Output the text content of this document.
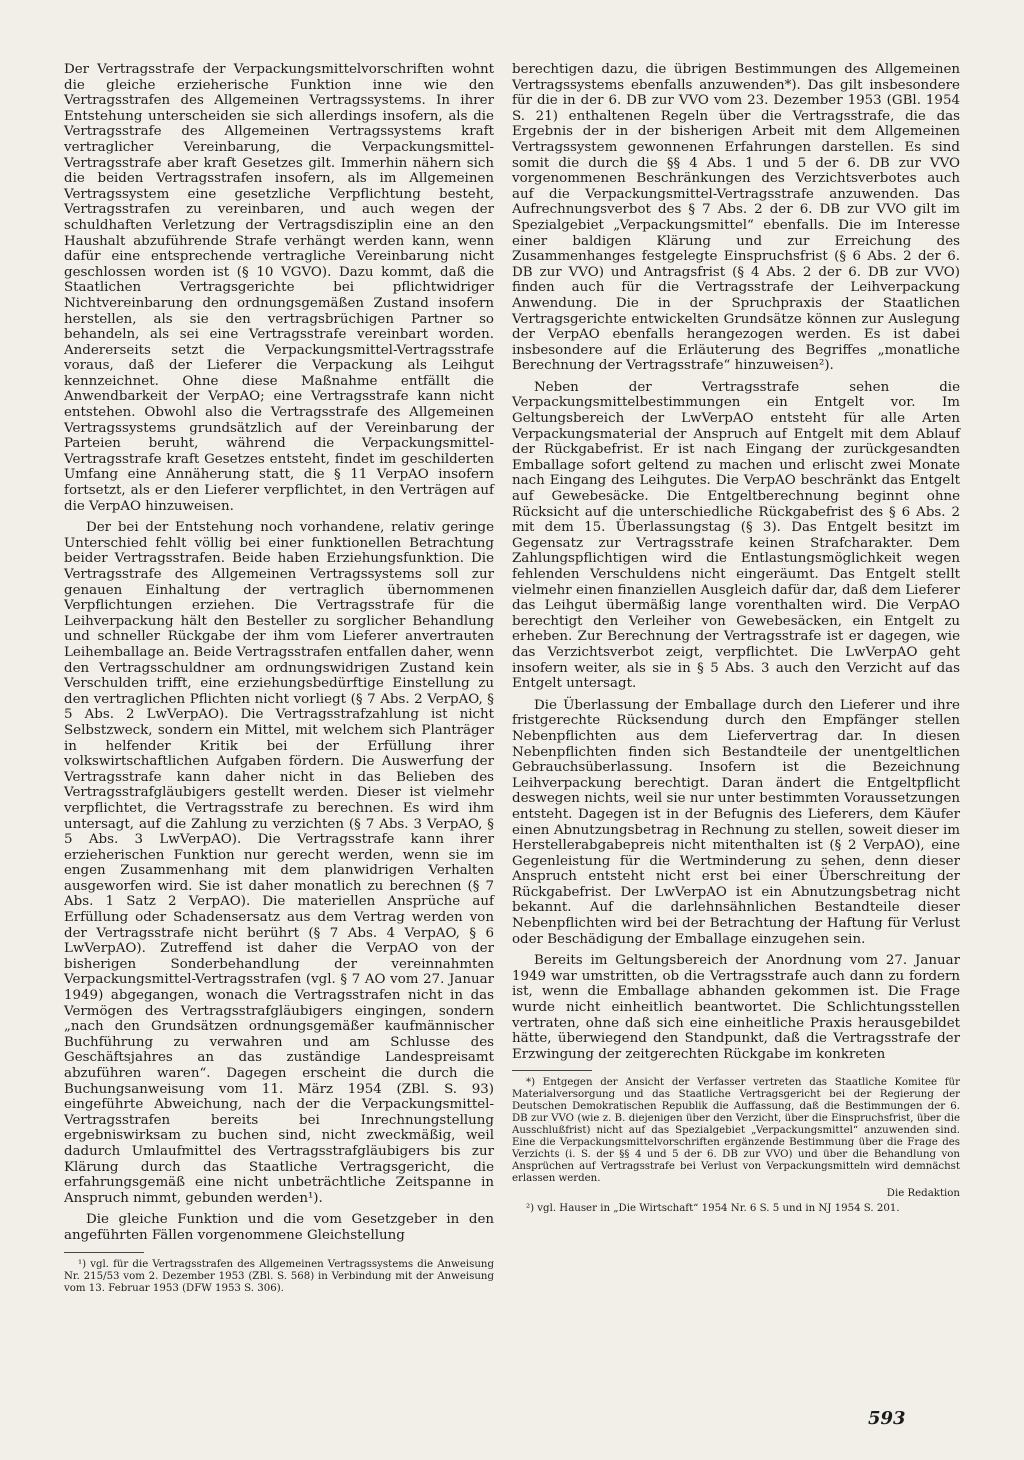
Der Vertragsstrafe der Verpackungsmittelvorschriften wohnt die gleiche erzieherische Funktion inne wie den Vertragsstrafen des Allgemeinen Vertragssystems. In ihrer Entstehung unterscheiden sie sich allerdings insofern, als die Vertragsstrafe des Allgemeinen Vertragssystems kraft vertraglicher Vereinbarung, die Verpackungsmittel-Vertragsstrafe aber kraft Gesetzes gilt. Immerhin nähern sich die beiden Vertragsstrafen insofern, als im Allgemeinen Vertragssystem eine gesetzliche Verpflichtung besteht, Vertragsstrafen zu vereinbaren, und auch wegen der schuldhaften Verletzung der Vertragsdisziplin eine an den Haushalt abzuführende Strafe verhängt werden kann, wenn dafür eine entsprechende vertragliche Vereinbarung nicht geschlossen worden ist (§ 10 VGVO). Dazu kommt, daß die Staatlichen Vertragsgerichte bei pflichtwidriger Nichtvereinbarung den ordnungsgemäßen Zustand insofern herstellen, als sie den vertragsbrüchigen Partner so behandeln, als sei eine Vertragsstrafe vereinbart worden. Andererseits setzt die Verpackungsmittel-Vertragsstrafe voraus, daß der Lieferer die Verpackung als Leihgut kennzeichnet. Ohne diese Maßnahme entfällt die Anwendbarkeit der VerpAO; eine Vertragsstrafe kann nicht entstehen. Obwohl also die Vertragsstrafe des Allgemeinen Vertragssystems grundsätzlich auf der Vereinbarung der Parteien beruht, während die Verpackungsmittel-Vertragsstrafe kraft Gesetzes entsteht, findet im geschilderten Umfang eine Annäherung statt, die § 11 VerpAO insofern fortsetzt, als er den Lieferer verpflichtet, in den Verträgen auf die VerpAO hinzuweisen.

Der bei der Entstehung noch vorhandene, relativ geringe Unterschied fehlt völlig bei einer funktionellen Betrachtung beider Vertragsstrafen. Beide haben Erziehungsfunktion. Die Vertragsstrafe des Allgemeinen Vertragssystems soll zur genauen Einhaltung der vertraglich übernommenen Verpflichtungen erziehen. Die Vertragsstrafe für die Leihverpackung hält den Besteller zu sorglicher Behandlung und schneller Rückgabe der ihm vom Lieferer anvertrauten Leihemballage an. Beide Vertragsstrafen entfallen daher, wenn den Vertragsschuldner am ordnungswidrigen Zustand kein Verschulden trifft, eine erziehungsbedürftige Einstellung zu den vertraglichen Pflichten nicht vorliegt (§ 7 Abs. 2 VerpAO, § 5 Abs. 2 LwVerpAO). Die Vertragsstrafzahlung ist nicht Selbstzweck, sondern ein Mittel, mit welchem sich Planträger in helfender Kritik bei der Erfüllung ihrer volkswirtschaftlichen Aufgaben fördern. Die Auswerfung der Vertragsstrafe kann daher nicht in das Belieben des Vertragsstrafgläubigers gestellt werden. Dieser ist vielmehr verpflichtet, die Vertragsstrafe zu berechnen. Es wird ihm untersagt, auf die Zahlung zu verzichten (§ 7 Abs. 3 VerpAO, § 5 Abs. 3 LwVerpAO). Die Vertragsstrafe kann ihrer erzieherischen Funktion nur gerecht werden, wenn sie im engen Zusammenhang mit dem planwidrigen Verhalten ausgeworfen wird. Sie ist daher monatlich zu berechnen (§ 7 Abs. 1 Satz 2 VerpAO). Die materiellen Ansprüche auf Erfüllung oder Schadensersatz aus dem Vertrag werden von der Vertragsstrafe nicht berührt (§ 7 Abs. 4 VerpAO, § 6 LwVerpAO). Zutreffend ist daher die VerpAO von der bisherigen Sonderbehandlung der vereinnahmten Verpackungsmittel-Vertragsstrafen (vgl. § 7 AO vom 27. Januar 1949) abgegangen, wonach die Vertragsstrafen nicht in das Vermögen des Vertragsstrafgläubigers eingingen, sondern „nach den Grundsätzen ordnungsgemäßer kaufmännischer Buchführung zu verwahren und am Schlusse des Geschäftsjahres an das zuständige Landespreisamt abzuführen waren“. Dagegen erscheint die durch die Buchungsanweisung vom 11. März 1954 (ZBl. S. 93) eingeführte Abweichung, nach der die Verpackungsmittel-Vertragsstrafen bereits bei Inrechnungstellung ergebniswirksam zu buchen sind, nicht zweckmäßig, weil dadurch Umlaufmittel des Vertragsstrafgläubigers bis zur Klärung durch das Staatliche Vertragsgericht, die erfahrungsgemäß eine nicht unbeträchtliche Zeitspanne in Anspruch nimmt, gebunden werden¹).

Die gleiche Funktion und die vom Gesetzgeber in den angeführten Fällen vorgenommene Gleichstellung

¹) vgl. für die Vertragsstrafen des Allgemeinen Vertragssystems die Anweisung Nr. 215/53 vom 2. Dezember 1953 (ZBl. S. 568) in Verbindung mit der Anweisung vom 13. Februar 1953 (DFW 1953 S. 306).

berechtigen dazu, die übrigen Bestimmungen des Allgemeinen Vertragssystems ebenfalls anzuwenden*). Das gilt insbesondere für die in der 6. DB zur VVO vom 23. Dezember 1953 (GBl. 1954 S. 21) enthaltenen Regeln über die Vertragsstrafe, die das Ergebnis der in der bisherigen Arbeit mit dem Allgemeinen Vertragssystem gewonnenen Erfahrungen darstellen. Es sind somit die durch die §§ 4 Abs. 1 und 5 der 6. DB zur VVO vorgenommenen Beschränkungen des Verzichtsverbotes auch auf die Verpackungsmittel-Vertragsstrafe anzuwenden. Das Aufrechnungsverbot des § 7 Abs. 2 der 6. DB zur VVO gilt im Spezialgebiet „Verpackungsmittel“ ebenfalls. Die im Interesse einer baldigen Klärung und zur Erreichung des Zusammenhanges festgelegte Einspruchsfrist (§ 6 Abs. 2 der 6. DB zur VVO) und Antragsfrist (§ 4 Abs. 2 der 6. DB zur VVO) finden auch für die Vertragsstrafe der Leihverpackung Anwendung. Die in der Spruchpraxis der Staatlichen Vertragsgerichte entwickelten Grundsätze können zur Auslegung der VerpAO ebenfalls herangezogen werden. Es ist dabei insbesondere auf die Erläuterung des Begriffes „monatliche Berechnung der Vertragsstrafe“ hinzuweisen²).

Neben der Vertragsstrafe sehen die Verpackungsmittelbestimmungen ein Entgelt vor. Im Geltungsbereich der LwVerpAO entsteht für alle Arten Verpackungsmaterial der Anspruch auf Entgelt mit dem Ablauf der Rückgabefrist. Er ist nach Eingang der zurückgesandten Emballage sofort geltend zu machen und erlischt zwei Monate nach Eingang des Leihgutes. Die VerpAO beschränkt das Entgelt auf Gewebesäcke. Die Entgeltberechnung beginnt ohne Rücksicht auf die unterschiedliche Rückgabefrist des § 6 Abs. 2 mit dem 15. Überlassungstag (§ 3). Das Entgelt besitzt im Gegensatz zur Vertragsstrafe keinen Strafcharakter. Dem Zahlungspflichtigen wird die Entlastungsmöglichkeit wegen fehlenden Verschuldens nicht eingeräumt. Das Entgelt stellt vielmehr einen finanziellen Ausgleich dafür dar, daß dem Lieferer das Leihgut übermäßig lange vorenthalten wird. Die VerpAO berechtigt den Verleiher von Gewebesäcken, ein Entgelt zu erheben. Zur Berechnung der Vertragsstrafe ist er dagegen, wie das Verzichtsverbot zeigt, verpflichtet. Die LwVerpAO geht insofern weiter, als sie in § 5 Abs. 3 auch den Verzicht auf das Entgelt untersagt.

Die Überlassung der Emballage durch den Lieferer und ihre fristgerechte Rücksendung durch den Empfänger stellen Nebenpflichten aus dem Liefervertrag dar. In diesen Nebenpflichten finden sich Bestandteile der unentgeltlichen Gebrauchsüberlassung. Insofern ist die Bezeichnung Leihverpackung berechtigt. Daran ändert die Entgeltpflicht deswegen nichts, weil sie nur unter bestimmten Voraussetzungen entsteht. Dagegen ist in der Befugnis des Lieferers, dem Käufer einen Abnutzungsbetrag in Rechnung zu stellen, soweit dieser im Herstellerabgabepreis nicht mitenthalten ist (§ 2 VerpAO), eine Gegenleistung für die Wertminderung zu sehen, denn dieser Anspruch entsteht nicht erst bei einer Überschreitung der Rückgabefrist. Der LwVerpAO ist ein Abnutzungsbetrag nicht bekannt. Auf die darlehnsähnlichen Bestandteile dieser Nebenpflichten wird bei der Betrachtung der Haftung für Verlust oder Beschädigung der Emballage einzugehen sein.

Bereits im Geltungsbereich der Anordnung vom 27. Januar 1949 war umstritten, ob die Vertragsstrafe auch dann zu fordern ist, wenn die Emballage abhanden gekommen ist. Die Frage wurde nicht einheitlich beantwortet. Die Schlichtungsstellen vertraten, ohne daß sich eine einheitliche Praxis herausgebildet hätte, überwiegend den Standpunkt, daß die Vertragsstrafe der Erzwingung der zeitgerechten Rückgabe im konkreten

*) Entgegen der Ansicht der Verfasser vertreten das Staatliche Komitee für Materialversorgung und das Staatliche Vertragsgericht bei der Regierung der Deutschen Demokratischen Republik die Auffassung, daß die Bestimmungen der 6. DB zur VVO (wie z. B. diejenigen über den Verzicht, über die Einspruchsfrist, über die Ausschlußfrist) nicht auf das Spezialgebiet „Verpackungsmittel“ anzuwenden sind. Eine die Verpackungsmittelvorschriften ergänzende Bestimmung über die Frage des Verzichts (i. S. der §§ 4 und 5 der 6. DB zur VVO) und über die Behandlung von Ansprüchen auf Vertragsstrafe bei Verlust von Verpackungsmitteln wird demnächst erlassen werden.

Die Redaktion

²) vgl. Hauser in „Die Wirtschaft“ 1954 Nr. 6 S. 5 und in NJ 1954 S. 201.

593
